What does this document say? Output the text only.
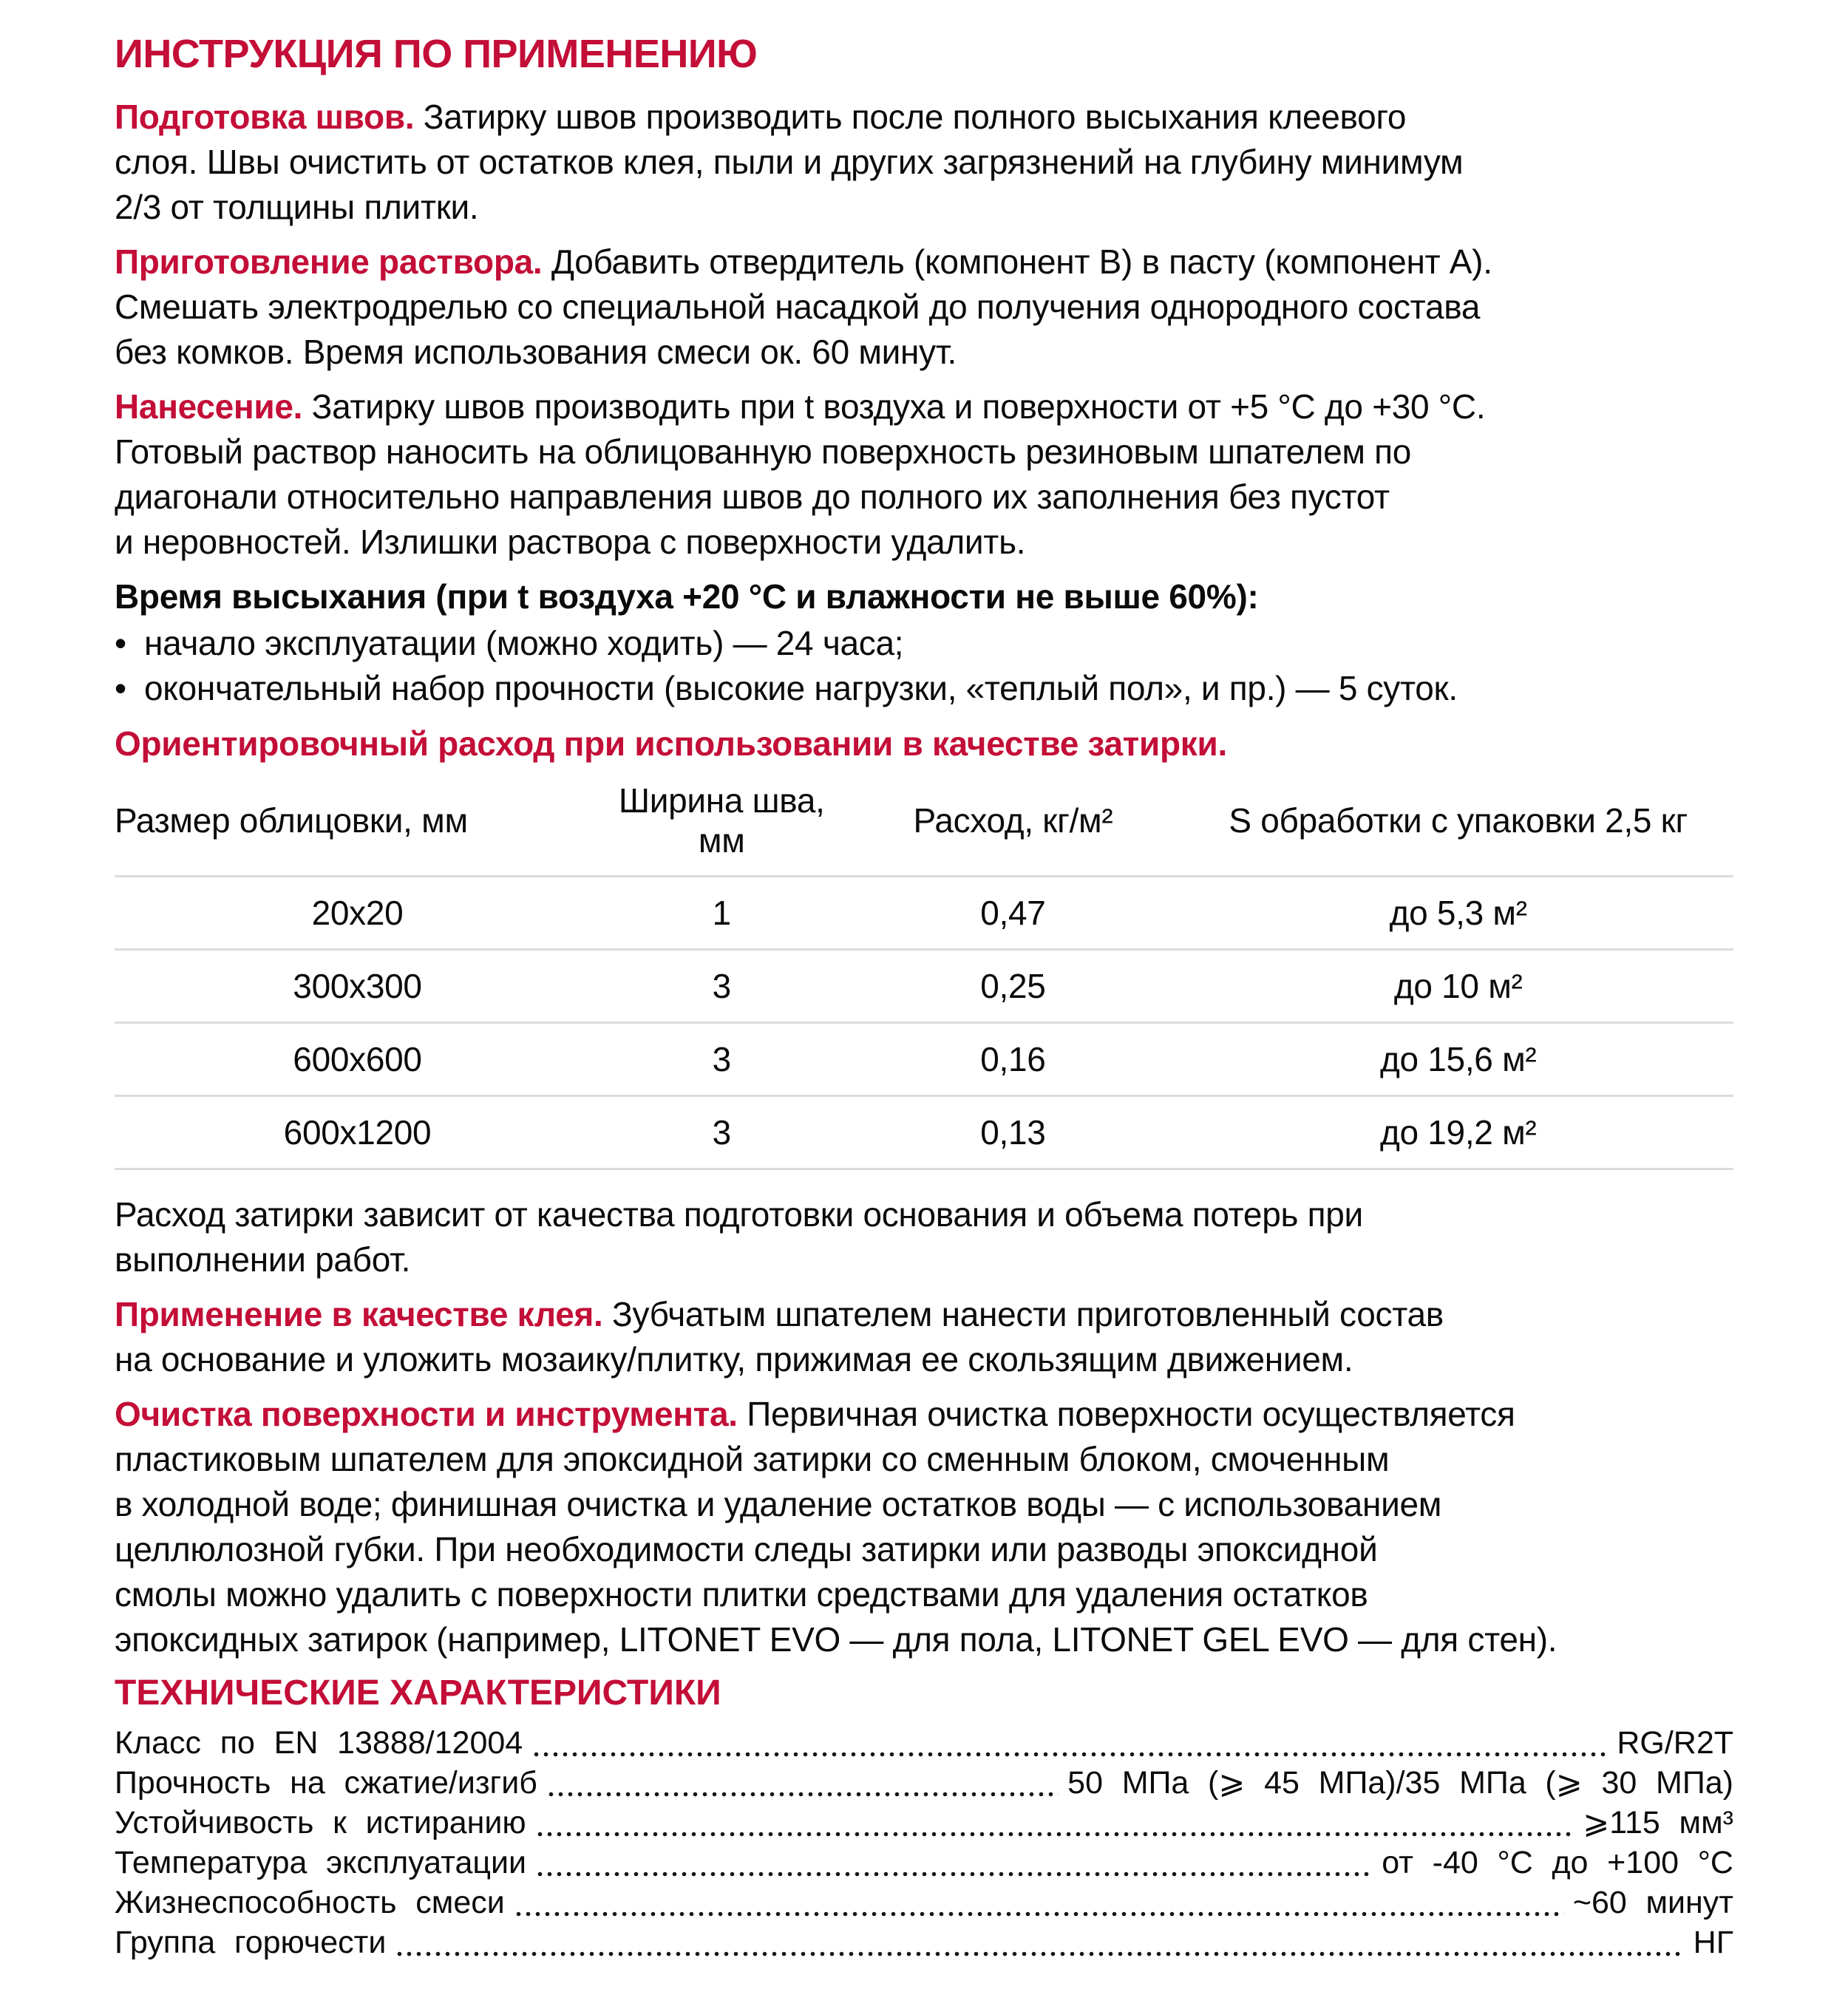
ИНСТРУКЦИЯ ПО ПРИМЕНЕНИЮ

Подготовка швов. Затирку швов производить после полного высыхания клеевого
слоя. Швы очистить от остатков клея, пыли и других загрязнений на глубину минимум
2/3 от толщины плитки.

Приготовление раствора. Добавить отвердитель (компонент В) в пасту (компонент А).
Смешать электродрелью со специальной насадкой до получения однородного состава
без комков. Время использования смеси ок. 60 минут.

Нанесение. Затирку швов производить при t воздуха и поверхности от +5 °С до +30 °С.
Готовый раствор наносить на облицованную поверхность резиновым шпателем по
диагонали относительно направления швов до полного их заполнения без пустот
и неровностей. Излишки раствора с поверхности удалить.

Время высыхания (при t воздуха +20 °С и влажности не выше 60%):

• начало эксплуатации (можно ходить) — 24 часа;
• окончательный набор прочности (высокие нагрузки, «теплый пол», и пр.) — 5 суток.
Ориентировочный расход при использовании в качестве затирки.
Размер облицовки, мм	Ширина шва, мм	Расход, кг/м²	S обработки с упаковки 2,5 кг
20х20	1	0,47	до 5,3 м²
300х300	3	0,25	до 10 м²
600х600	3	0,16	до 15,6 м²
600х1200	3	0,13	до 19,2 м²

Расход затирки зависит от качества подготовки основания и объема потерь при
выполнении работ.

Применение в качестве клея. Зубчатым шпателем нанести приготовленный состав
на основание и уложить мозаику/плитку, прижимая ее скользящим движением.

Очистка поверхности и инструмента. Первичная очистка поверхности осуществляется
пластиковым шпателем для эпоксидной затирки со сменным блоком, смоченным
в холодной воде; финишная очистка и удаление остатков воды — с использованием
целлюлозной губки. При необходимости следы затирки или разводы эпоксидной
смолы можно удалить с поверхности плитки средствами для удаления остатков
эпоксидных затирок (например, LITONET EVO — для пола, LITONET GEL EVO — для стен).

ТЕХНИЧЕСКИЕ ХАРАКТЕРИСТИКИ
Класс по EN 13888/12004	RG/R2T
Прочность на сжатие/изгиб	50 МПа (⩾ 45 МПа)/35 МПа (⩾ 30 МПа)
Устойчивость к истиранию	⩾115 мм³
Температура эксплуатации	от -40 °С до +100 °С
Жизнеспособность смеси	~60 минут
Группа горючести	НГ
